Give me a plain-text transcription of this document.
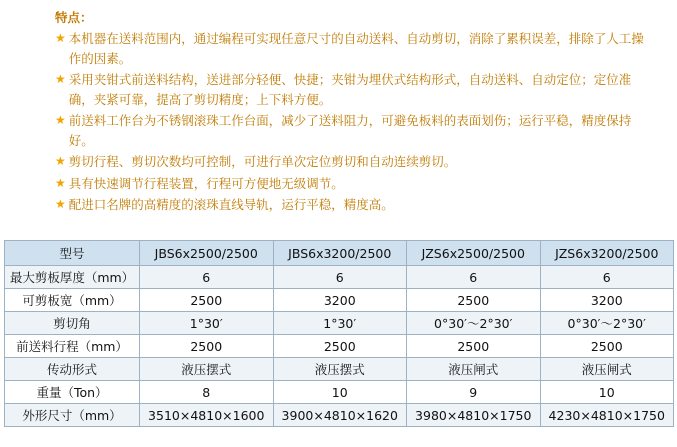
特点：
★ 本机器在送料范围内，通过编程可实现任意尺寸的自动送料、自动剪切，消除了累积误差，排除了人工操作的因素。
★ 采用夹钳式前送料结构，送进部分轻便、快捷；夹钳为埋伏式结构形式，自动送料、自动定位；定位准确，夹紧可靠，提高了剪切精度；上下料方便。
★ 前送料工作台为不锈钢滚珠工作台面，减少了送料阻力，可避免板料的表面划伤；运行平稳，精度保持好。
★ 剪切行程、剪切次数均可控制，可进行单次定位剪切和自动连续剪切。
★ 具有快速调节行程装置，行程可方便地无级调节。
★ 配进口名牌的高精度的滚珠直线导轨，运行平稳，精度高。
型号	JBS6x2500/2500	JBS6x3200/2500	JZS6x2500/2500	JZS6x3200/2500
最大剪板厚度（mm）	6	6	6	6
可剪板宽（mm）	2500	3200	2500	3200
剪切角	1°30′	1°30′	0°30′～2°30′	0°30′～2°30′
前送料行程（mm）	2500	2500	2500	2500
传动形式	液压摆式	液压摆式	液压闸式	液压闸式
重量（Ton）	8	10	9	10
外形尺寸（mm）	3510×4810×1600	3900×4810×1620	3980×4810×1750	4230×4810×1750
